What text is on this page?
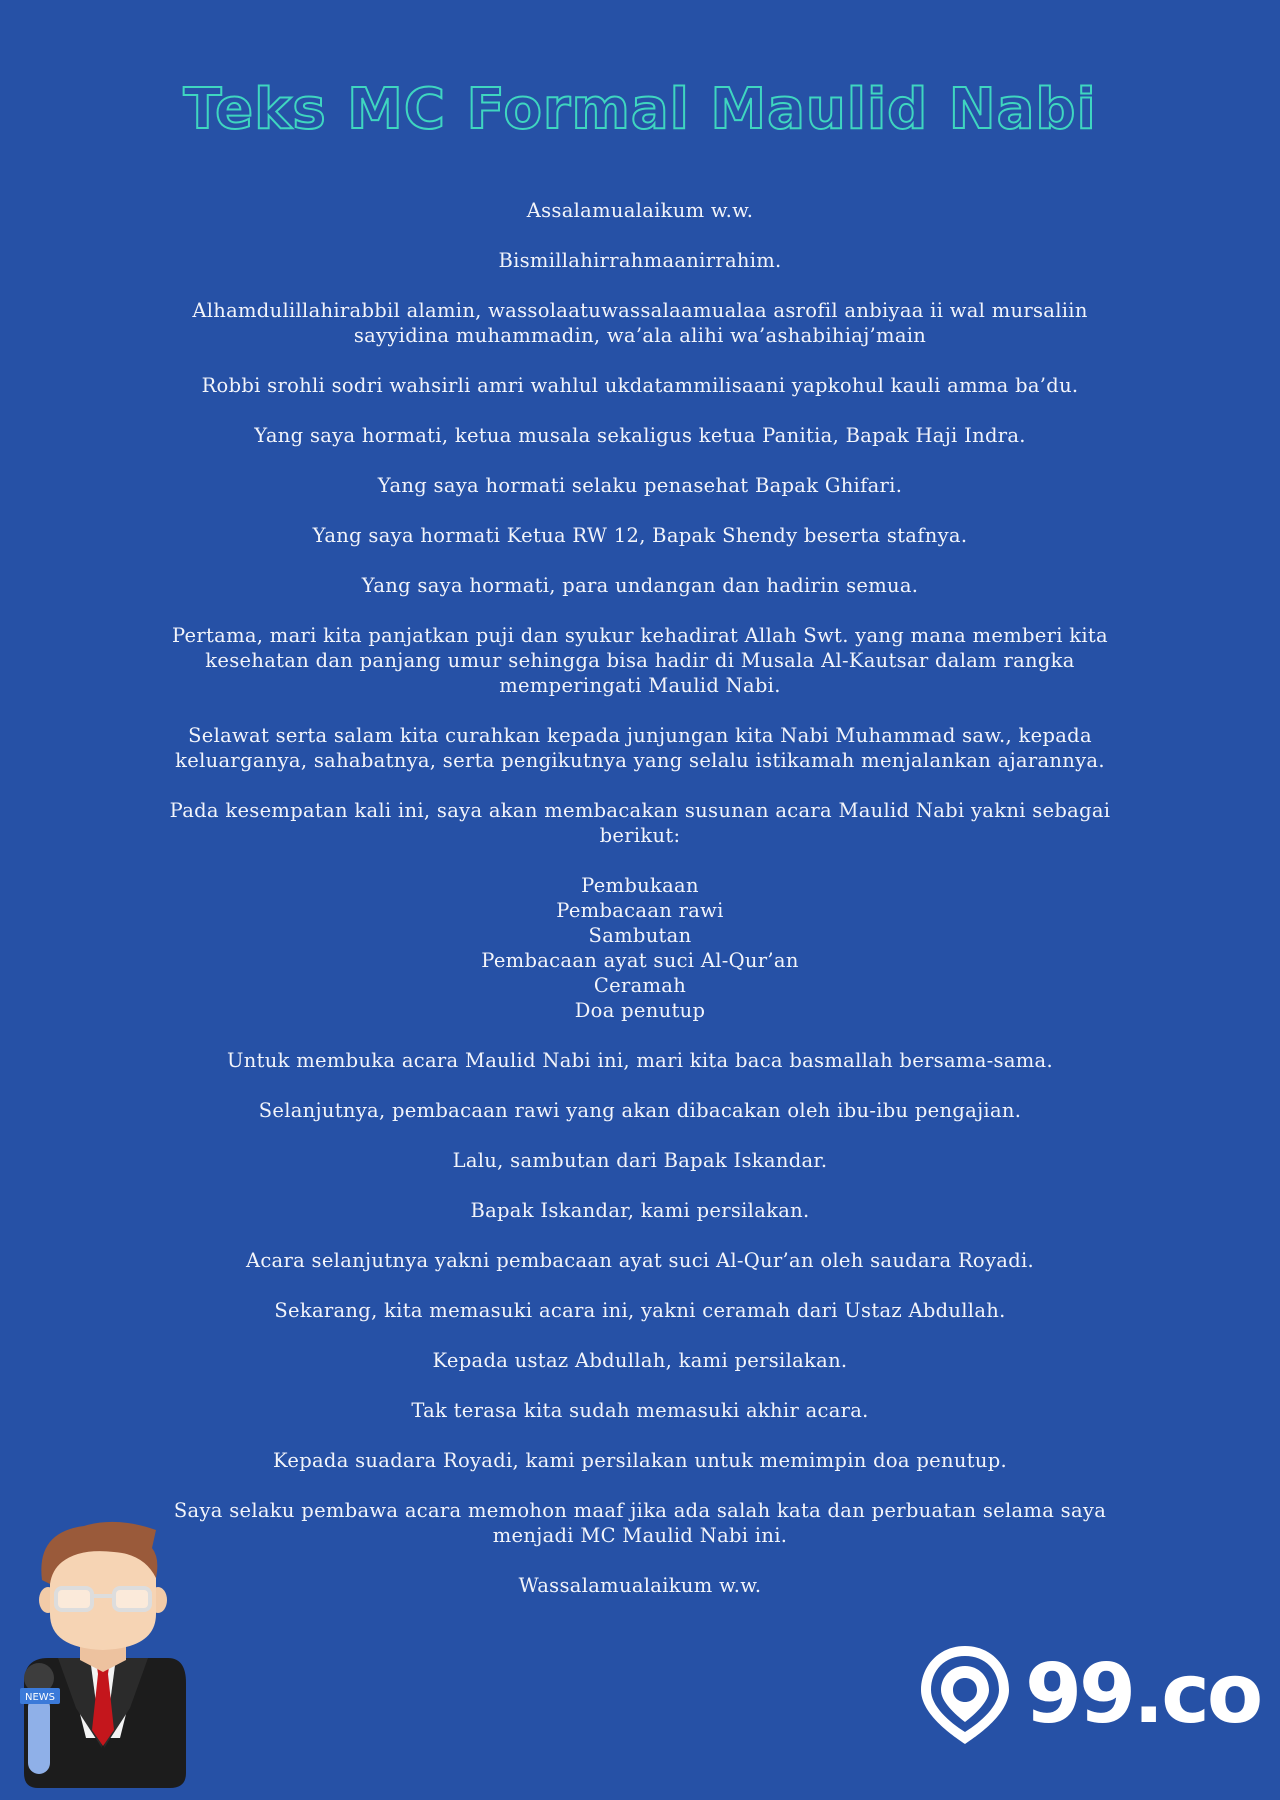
Teks MC Formal Maulid Nabi

Assalamualaikum w.w.

Bismillahirrahmaanirrahim.

Alhamdulillahirabbil alamin, wassolaatuwassalaamualaa asrofil anbiyaa ii wal mursaliin sayyidina muhammadin, wa’ala alihi wa’ashabihiaj’main

Robbi srohli sodri wahsirli amri wahlul ukdatammilisaani yapkohul kauli amma ba’du.

Yang saya hormati, ketua musala sekaligus ketua Panitia, Bapak Haji Indra.

Yang saya hormati selaku penasehat Bapak Ghifari.

Yang saya hormati Ketua RW 12, Bapak Shendy beserta stafnya.

Yang saya hormati, para undangan dan hadirin semua.

Pertama, mari kita panjatkan puji dan syukur kehadirat Allah Swt. yang mana memberi kita kesehatan dan panjang umur sehingga bisa hadir di Musala Al-Kautsar dalam rangka memperingati Maulid Nabi.

Selawat serta salam kita curahkan kepada junjungan kita Nabi Muhammad saw., kepada keluarganya, sahabatnya, serta pengikutnya yang selalu istikamah menjalankan ajarannya.

Pada kesempatan kali ini, saya akan membacakan susunan acara Maulid Nabi yakni sebagai berikut:

Pembukaan
Pembacaan rawi
Sambutan
Pembacaan ayat suci Al-Qur’an
Ceramah
Doa penutup

Untuk membuka acara Maulid Nabi ini, mari kita baca basmallah bersama-sama.

Selanjutnya, pembacaan rawi yang akan dibacakan oleh ibu-ibu pengajian.

Lalu, sambutan dari Bapak Iskandar.

Bapak Iskandar, kami persilakan.

Acara selanjutnya yakni pembacaan ayat suci Al-Qur’an oleh saudara Royadi.

Sekarang, kita memasuki acara ini, yakni ceramah dari Ustaz Abdullah.

Kepada ustaz Abdullah, kami persilakan.

Tak terasa kita sudah memasuki akhir acara.

Kepada suadara Royadi, kami persilakan untuk memimpin doa penutup.

Saya selaku pembawa acara memohon maaf jika ada salah kata dan perbuatan selama saya menjadi MC Maulid Nabi ini.

Wassalamualaikum w.w.

NEWS	99.co
